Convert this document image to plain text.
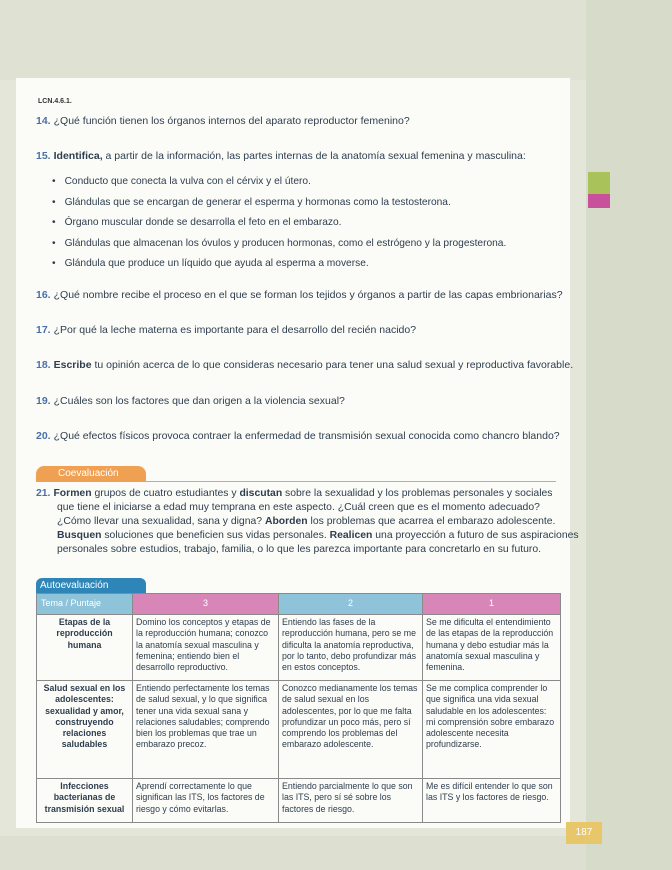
LCN.4.6.1.
14. ¿Qué función tienen los órganos internos del aparato reproductor femenino?
15. Identifica, a partir de la información, las partes internas de la anatomía sexual femenina y masculina:
• Conducto que conecta la vulva con el cérvix y el útero.
• Glándulas que se encargan de generar el esperma y hormonas como la testosterona.
• Órgano muscular donde se desarrolla el feto en el embarazo.
• Glándulas que almacenan los óvulos y producen hormonas, como el estrógeno y la progesterona.
• Glándula que produce un líquido que ayuda al esperma a moverse.
16. ¿Qué nombre recibe el proceso en el que se forman los tejidos y órganos a partir de las capas embrionarias?
17. ¿Por qué la leche materna es importante para el desarrollo del recién nacido?
18. Escribe tu opinión acerca de lo que consideras necesario para tener una salud sexual y reproductiva favorable.
19. ¿Cuáles son los factores que dan origen a la violencia sexual?
20. ¿Qué efectos físicos provoca contraer la enfermedad de transmisión sexual conocida como chancro blando?
Coevaluación
21. Formen grupos de cuatro estudiantes y discutan sobre la sexualidad y los problemas personales y sociales
que tiene el iniciarse a edad muy temprana en este aspecto. ¿Cuál creen que es el momento adecuado?
¿Cómo llevar una sexualidad, sana y digna? Aborden los problemas que acarrea el embarazo adolescente.
Busquen soluciones que beneficien sus vidas personales. Realicen una proyección a futuro de sus aspiraciones
personales sobre estudios, trabajo, familia, o lo que les parezca importante para concretarlo en su futuro.
Autoevaluación
Tema / Puntaje	3	2	1
Etapas de la reproducción humana	Domino los conceptos y etapas de la reproducción humana; conozco la anatomía sexual masculina y femenina; entiendo bien el desarrollo reproductivo.	Entiendo las fases de la reproducción humana, pero se me dificulta la anatomía reproductiva, por lo tanto, debo profundizar más en estos conceptos.	Se me dificulta el entendimiento de las etapas de la reproducción humana y debo estudiar más la anatomía sexual masculina y femenina.
Salud sexual en los adolescentes: sexualidad y amor, construyendo relaciones saludables	Entiendo perfectamente los temas de salud sexual, y lo que significa tener una vida sexual sana y relaciones saludables; comprendo bien los problemas que trae un embarazo precoz.	Conozco medianamente los temas de salud sexual en los adolescentes, por lo que me falta profundizar un poco más, pero sí comprendo los problemas del embarazo adolescente.	Se me complica comprender lo que significa una vida sexual saludable en los adolescentes: mi comprensión sobre embarazo adolescente necesita profundizarse.
Infecciones bacterianas de transmisión sexual	Aprendí correctamente lo que significan las ITS, los factores de riesgo y cómo evitarlas.	Entiendo parcialmente lo que son las ITS, pero sí sé sobre los factores de riesgo.	Me es difícil entender lo que son las ITS y los factores de riesgo.
187
